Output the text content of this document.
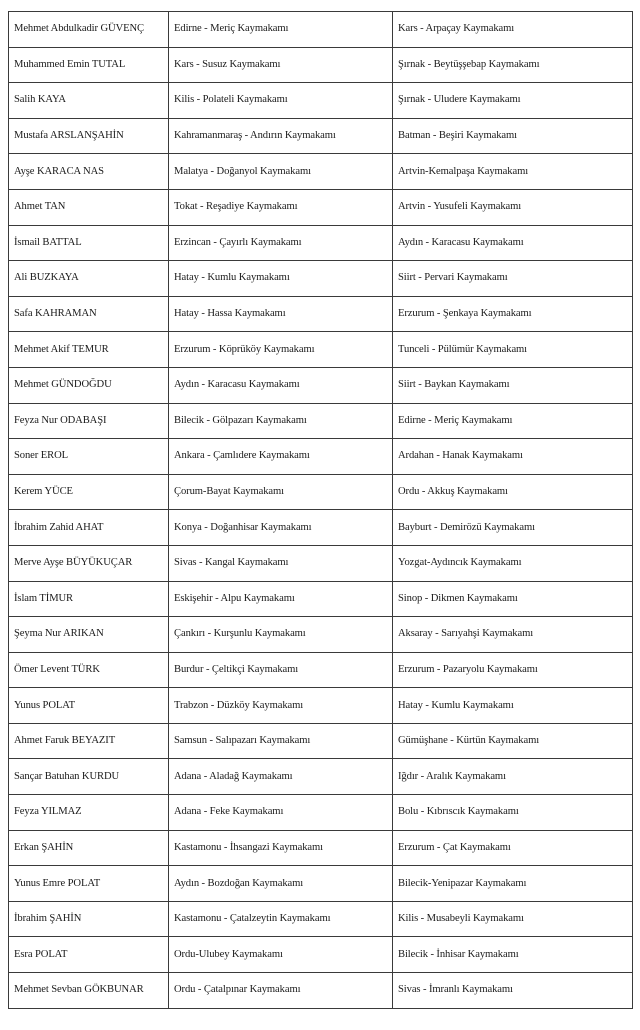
Mehmet Abdulkadir GÜVENÇ	Edirne - Meriç Kaymakamı	Kars - Arpaçay Kaymakamı
Muhammed Emin TUTAL	Kars - Susuz Kaymakamı	Şırnak - Beytüşşebap Kaymakamı
Salih KAYA	Kilis - Polateli Kaymakamı	Şırnak - Uludere Kaymakamı
Mustafa ARSLANŞAHİN	Kahramanmaraş - Andırın Kaymakamı	Batman - Beşiri Kaymakamı
Ayşe KARACA NAS	Malatya - Doğanyol Kaymakamı	Artvin-Kemalpaşa Kaymakamı
Ahmet TAN	Tokat - Reşadiye Kaymakamı	Artvin - Yusufeli Kaymakamı
İsmail BATTAL	Erzincan - Çayırlı Kaymakamı	Aydın - Karacasu Kaymakamı
Ali BUZKAYA	Hatay - Kumlu Kaymakamı	Siirt - Pervari Kaymakamı
Safa KAHRAMAN	Hatay - Hassa Kaymakamı	Erzurum - Şenkaya Kaymakamı
Mehmet Akif TEMUR	Erzurum - Köprüköy Kaymakamı	Tunceli - Pülümür Kaymakamı
Mehmet GÜNDOĞDU	Aydın - Karacasu Kaymakamı	Siirt - Baykan Kaymakamı
Feyza Nur ODABAŞI	Bilecik - Gölpazarı Kaymakamı	Edirne - Meriç Kaymakamı
Soner EROL	Ankara - Çamlıdere Kaymakamı	Ardahan - Hanak Kaymakamı
Kerem YÜCE	Çorum-Bayat Kaymakamı	Ordu - Akkuş Kaymakamı
İbrahim Zahid AHAT	Konya - Doğanhisar Kaymakamı	Bayburt - Demirözü Kaymakamı
Merve Ayşe BÜYÜKUÇAR	Sivas - Kangal Kaymakamı	Yozgat-Aydıncık Kaymakamı
İslam TİMUR	Eskişehir - Alpu Kaymakamı	Sinop - Dikmen Kaymakamı
Şeyma Nur ARIKAN	Çankırı - Kurşunlu Kaymakamı	Aksaray - Sarıyahşi Kaymakamı
Ömer Levent TÜRK	Burdur - Çeltikçi Kaymakamı	Erzurum - Pazaryolu Kaymakamı
Yunus POLAT	Trabzon - Düzköy Kaymakamı	Hatay - Kumlu Kaymakamı
Ahmet Faruk BEYAZIT	Samsun - Salıpazarı Kaymakamı	Gümüşhane - Kürtün Kaymakamı
Sançar Batuhan KURDU	Adana - Aladağ Kaymakamı	Iğdır - Aralık Kaymakamı
Feyza YILMAZ	Adana - Feke Kaymakamı	Bolu - Kıbrıscık Kaymakamı
Erkan ŞAHİN	Kastamonu - İhsangazi Kaymakamı	Erzurum - Çat Kaymakamı
Yunus Emre POLAT	Aydın - Bozdoğan Kaymakamı	Bilecik-Yenipazar Kaymakamı
İbrahim ŞAHİN	Kastamonu - Çatalzeytin Kaymakamı	Kilis - Musabeyli Kaymakamı
Esra POLAT	Ordu-Ulubey Kaymakamı	Bilecik - İnhisar Kaymakamı
Mehmet Sevban GÖKBUNAR	Ordu - Çatalpınar Kaymakamı	Sivas - İmranlı Kaymakamı
